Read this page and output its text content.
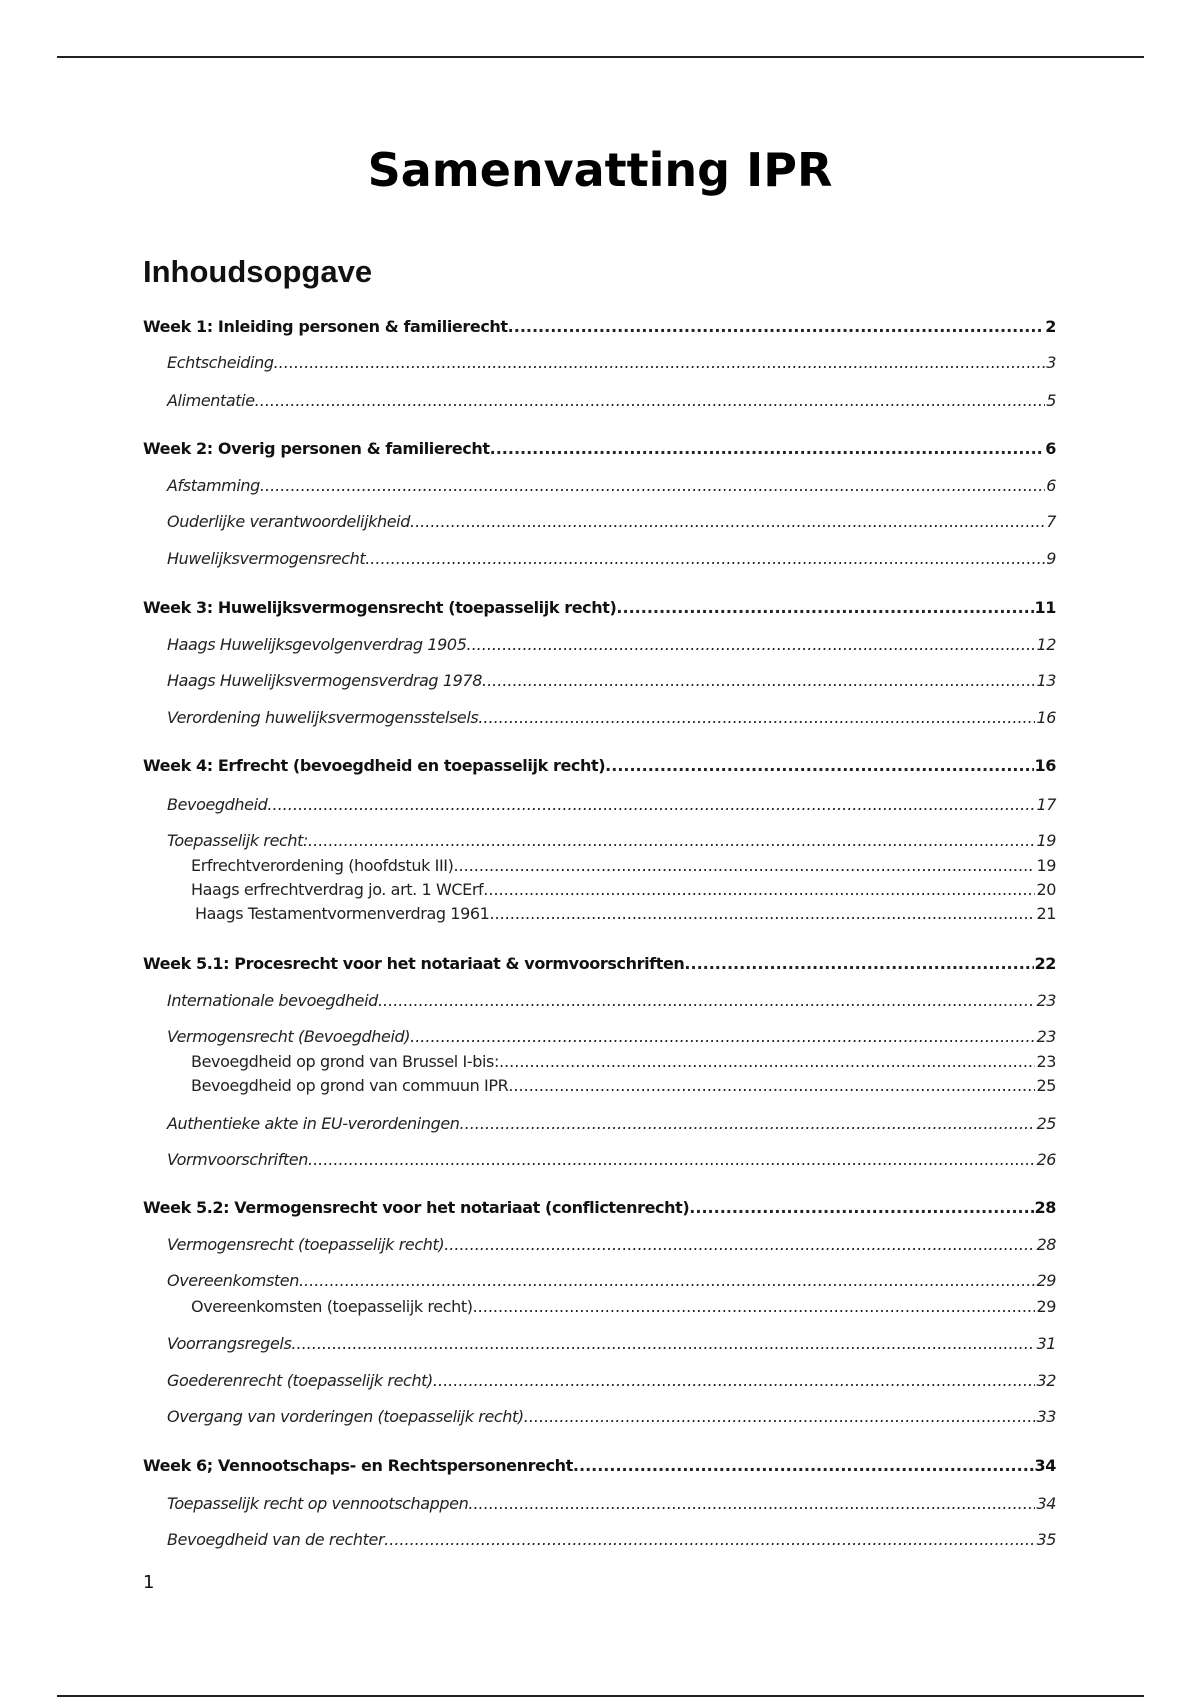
Samenvatting IPR
Inhoudsopgave
Week 1: Inleiding personen & familierecht .....	2
Echtscheiding .....	3
Alimentatie .....	5
Week 2: Overig personen & familierecht .....	6
Afstamming .....	6
Ouderlijke verantwoordelijkheid .....	7
Huwelijksvermogensrecht .....	9
Week 3: Huwelijksvermogensrecht (toepasselijk recht) .....	11
Haags Huwelijksgevolgenverdrag 1905 .....	12
Haags Huwelijksvermogensverdrag 1978 .....	13
Verordening huwelijksvermogensstelsels .....	16
Week 4: Erfrecht (bevoegdheid en toepasselijk recht) .....	16
Bevoegdheid .....	17
Toepasselijk recht: .....	19
Erfrechtverordening (hoofdstuk III) .....	19
Haags erfrechtverdrag jo. art. 1 WCErf .....	20
Haags Testamentvormenverdrag 1961 .....	21
Week 5.1: Procesrecht voor het notariaat & vormvoorschriften .....	22
Internationale bevoegdheid .....	23
Vermogensrecht (Bevoegdheid) .....	23
Bevoegdheid op grond van Brussel I-bis: .....	23
Bevoegdheid op grond van commuun IPR .....	25
Authentieke akte in EU-verordeningen .....	25
Vormvoorschriften .....	26
Week 5.2: Vermogensrecht voor het notariaat (conflictenrecht) .....	28
Vermogensrecht (toepasselijk recht) .....	28
Overeenkomsten .....	29
Overeenkomsten (toepasselijk recht) .....	29
Voorrangsregels .....	31
Goederenrecht (toepasselijk recht) .....	32
Overgang van vorderingen (toepasselijk recht) .....	33
Week 6; Vennootschaps- en Rechtspersonenrecht .....	34
Toepasselijk recht op vennootschappen .....	34
Bevoegdheid van de rechter .....	35
1
